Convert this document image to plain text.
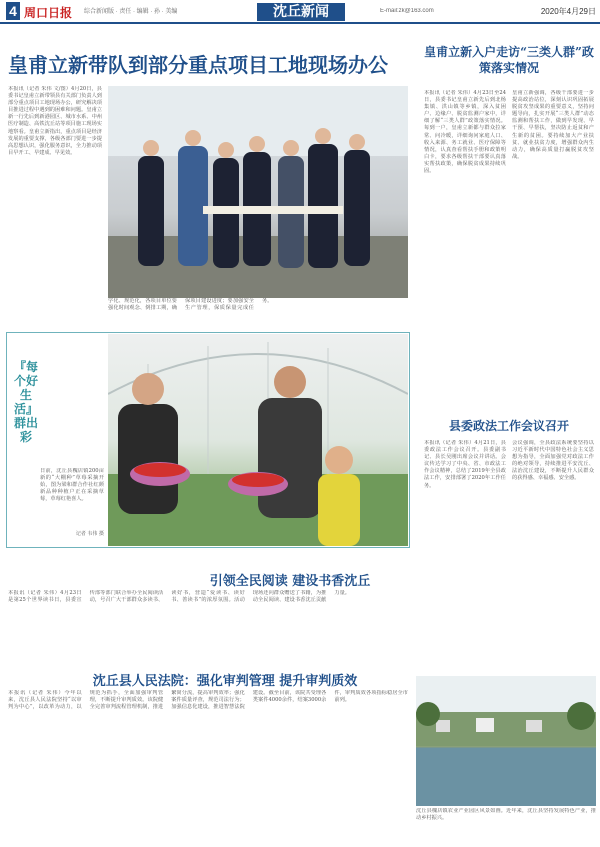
4 周口日报 综合新闻版 · 责任 · 编辑 · 孙 · 美编	沈丘新闻	E-mail:zk@163.com	2020年4月29日
皇甫立新带队到部分重点项目工地现场办公
本报讯（记者 朱伟 文/图）4月20日，县委书记皇甫立新带领县有关部门负责人到部分重点项目工地现场办公，研究解决项目推进过程中遇到的困难和问题。皇甫立新一行先后到新港园区、城市水系、中州医疗制造、高铁沈丘站等项目施工现场实地察看。皇甫立新指出，重点项目是经济发展的重要支撑，各级各部门要进一步提高思想认识，强化服务意识，全力推动项目早开工、早建成、早见效。
学化、规范化，各项目单位要强化时间观念、倒排工期，确保项目建设进度；要加强安全生产管理，保质保量完成任务。
『每个好生活』群出彩
日前，沈丘县槐店镇200亩新的“大棚种”草莓采摘开始，图为梁和群合作社红颜新品种种植户正在采摘草莓，草莓红艳喜人。
记者 韦伟 摄
皇甫立新入户走访“三类人群”政策落实情况
本报讯（记者 朱伟）4月23日至24日，县委书记皇甫立新先后到北杨集镇、洪山镇等乡镇，深入贫困户、边缘户、脱贫监测户家中，详细了解“三类人群”政策落实情况。每到一户，皇甫立新都与群众拉家常、问冷暖，详细询问家庭人口、收入来源、务工就业、医疗保障等情况，认真查看帮扶手册和政策明白卡，要求各级帮扶干部要认真落实帮扶政策，确保脱贫成果持续巩固。
皇甫立新强调，各级干部要进一步提高政治站位，深刻认识巩固拓展脱贫攻坚成果的重要意义，坚持问题导向，扎实开展“三类人群”动态监测和帮扶工作，做到早发现、早干预、早帮扶，坚决防止返贫和产生新的贫困。要持续加大产业扶贫、就业扶贫力度，增强群众内生动力，确保高质量打赢脱贫攻坚战。
县委政法工作会议召开
本报讯（记者 朱伟）4月21日，县委政法工作会议召开。县委副书记、县长吴刚出席会议并讲话。会议传达学习了中央、省、市政法工作会议精神，总结了2019年全县政法工作，安排部署了2020年工作任务。
会议强调，全县政法系统要坚持以习近平新时代中国特色社会主义思想为指导，全面加强党对政法工作的绝对领导，持续推进平安沈丘、法治沈丘建设，不断提升人民群众的获得感、幸福感、安全感。
引领全民阅读 建设书香沈丘
本报讯（记者 朱伟）4月23日是第25个世界读书日，县委宣传部等部门联合举办全民阅读活动，号召广大干部群众多读书、读好书，营造“爱读书、读好书、善读书”的浓厚氛围。活动现场还向群众赠送了书籍，为推动全民阅读、建设书香沈丘贡献力量。
沈丘县人民法院：强化审判管理 提升审判质效
本报讯（记者 朱伟）今年以来，沈丘县人民法院坚持“以审判为中心”，以改革为动力，以规范为抓手，全面加强审判管理，不断提升审判质效。该院健全完善审判流程管理机制，推进繁简分流，提高审判效率；强化案件质量评查，规范司法行为；加强信息化建设，推进智慧法院建设。截至目前，该院共受理各类案件4000余件，结案3000余件，审判质效各项指标稳居全市前列。
沈丘县槐店镇农业产业园区风景如画。近年来，沈丘县坚持发展特色产业，推动乡村振兴。
